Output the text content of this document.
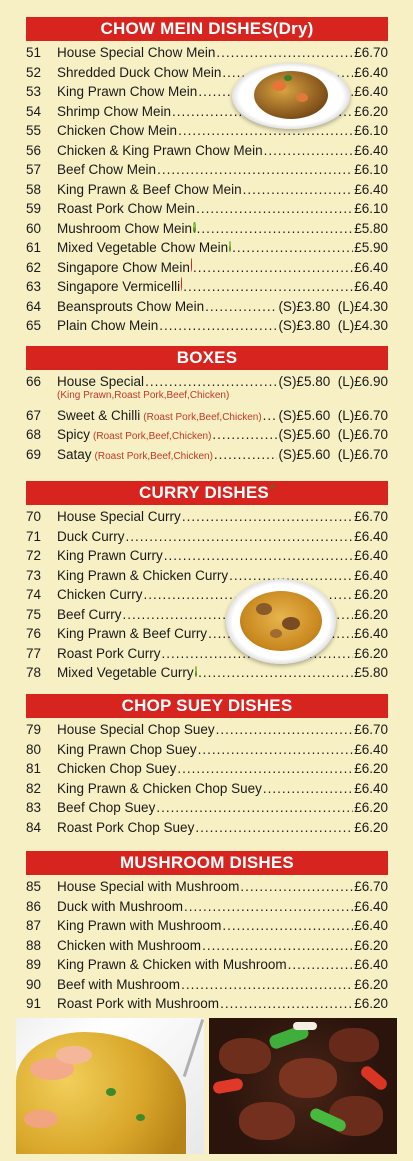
CHOW MEIN DISHES(Dry)
51	House Special Chow Mein .....	£6.70
52	Shredded Duck Chow Mein .....	£6.40
53	King Prawn Chow Mein .....	£6.40
54	Shrimp Chow Mein .....	£6.20
55	Chicken Chow Mein .....	£6.10
56	Chicken & King Prawn Chow Mein .....	£6.40
57	Beef Chow Mein .....	£6.10
58	King Prawn & Beef Chow Mein .....	£6.40
59	Roast Pork Chow Mein .....	£6.10
60	Mushroom Chow Mein .....	£5.80
61	Mixed Vegetable Chow Mein .....	£5.90
62	Singapore Chow Mein .....	£6.40
63	Singapore Vermicelli .....	£6.40
64	Beansprouts Chow Mein .....	(S)£3.80  (L)£4.30
65	Plain Chow Mein .....	(S)£3.80  (L)£4.30
BOXES
66	House Special .....	(S)£5.80  (L)£6.90
(King Prawn,Roast Pork,Beef,Chicken)
67	Sweet & Chilli (Roast Pork,Beef,Chicken) ..... (S)£5.60  (L)£6.70
68	Spicy (Roast Pork,Beef,Chicken) .....	(S)£5.60  (L)£6.70
69	Satay (Roast Pork,Beef,Chicken) .....	(S)£5.60  (L)£6.70
CURRY DISHES
70	House Special Curry .....	£6.70
71	Duck Curry .....	£6.40
72	King Prawn Curry .....	£6.40
73	King Prawn & Chicken Curry .....	£6.40
74	Chicken Curry .....	£6.20
75	Beef Curry .....	£6.20
76	King Prawn & Beef Curry .....	£6.40
77	Roast Pork Curry .....	£6.20
78	Mixed Vegetable Curry .....	£5.80
CHOP SUEY DISHES
79	House Special Chop Suey .....	£6.70
80	King Prawn Chop Suey .....	£6.40
81	Chicken Chop Suey .....	£6.20
82	King Prawn & Chicken Chop Suey .....	£6.40
83	Beef Chop Suey .....	£6.20
84	Roast Pork Chop Suey .....	£6.20
MUSHROOM DISHES
85	House Special with Mushroom .....	£6.70
86	Duck with Mushroom .....	£6.40
87	King Prawn with Mushroom .....	£6.40
88	Chicken with Mushroom .....	£6.20
89	King Prawn & Chicken with Mushroom .....	£6.40
90	Beef with Mushroom .....	£6.20
91	Roast Pork with Mushroom .....	£6.20
